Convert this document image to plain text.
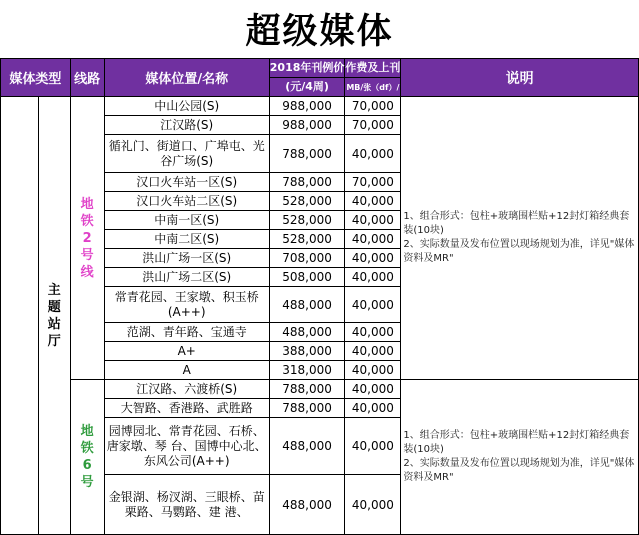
超级媒体						
媒体类型		线路	媒体位置/名称	2018年刊例价	作费及上刊	说明
				(元/4周)	MB/张（df）/	
	主题站厅	地铁2号线	中山公园(S)	988,000	70,000	1、组合形式：包柱+玻璃围栏贴+12封灯箱经典套装(10块)

2、实际数量及发布位置以现场规划为准，详见"媒体资料及MR"

			江汉路(S)	988,000	70,000	
			循礼门、街道口、广埠屯、光谷广场(S)	788,000	40,000	
			汉口火车站一区(S)	788,000	70,000	
			汉口火车站二区(S)	528,000	40,000	
			中南一区(S)	528,000	40,000	
			中南二区(S)	528,000	40,000	
			洪山广场一区(S)	708,000	40,000	
			洪山广场二区(S)	508,000	40,000	
			常青花园、王家墩、积玉桥(A++)	488,000	40,000	
			范湖、青年路、宝通寺	488,000	40,000	
			A+	388,000	40,000	
			A	318,000	40,000	
		地铁6号	江汉路、六渡桥(S)	788,000	40,000	1、组合形式：包柱+玻璃围栏贴+12封灯箱经典套装(10块)

2、实际数量及发布位置以现场规划为准，详见"媒体资料及MR"

			大智路、香港路、武胜路	788,000	40,000	
			园博园北、常青花园、石桥、唐家墩、琴 台、国博中心北、东风公司(A++)	488,000	40,000	
			金银湖、杨汊湖、三眼桥、苗栗路、马鹦路、建 港、	488,000	40,000	
